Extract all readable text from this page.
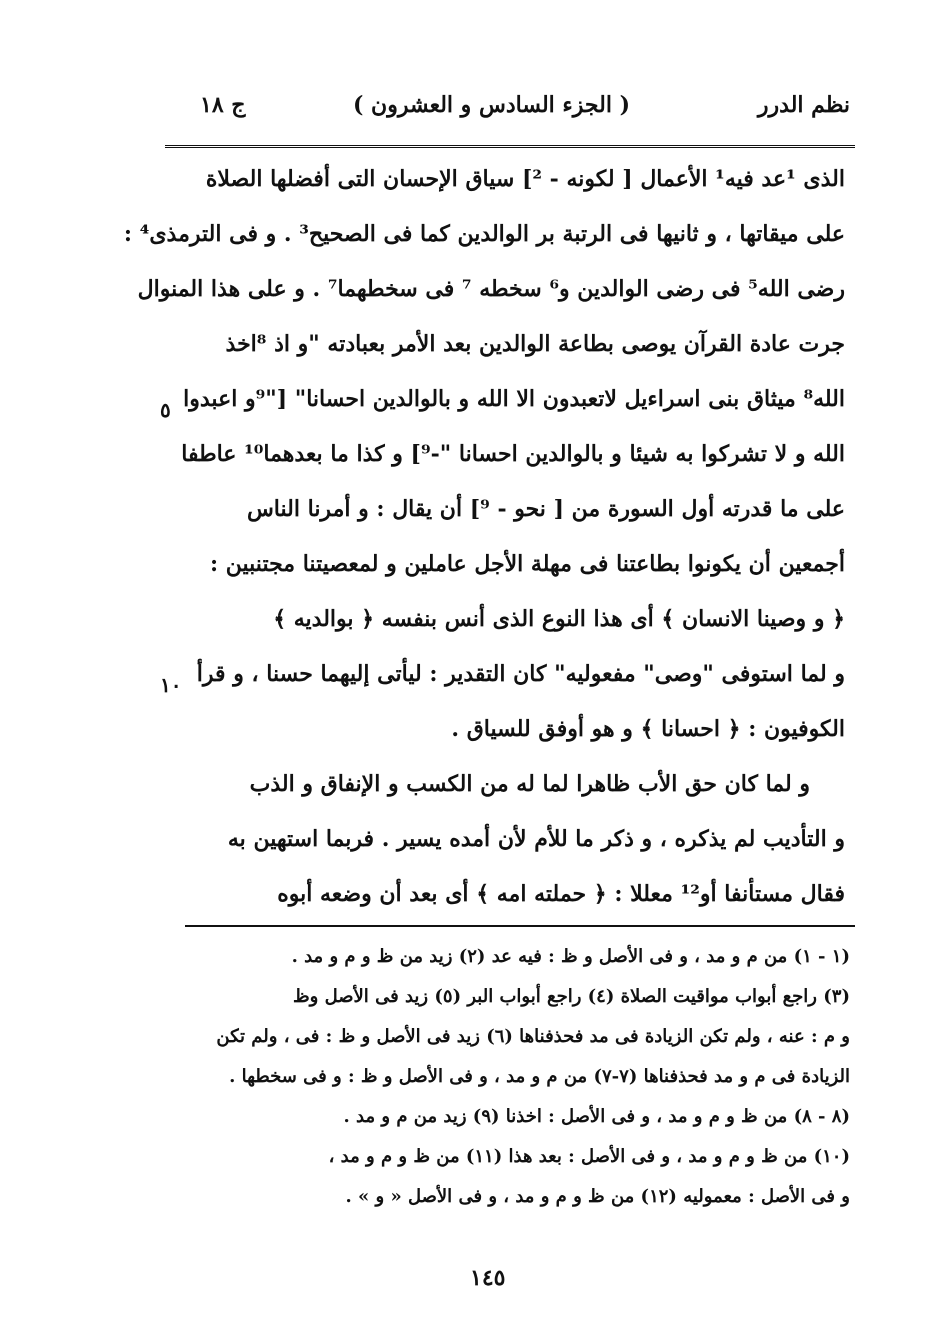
نظم الدرر
( الجزء السادس و العشرون )
ج ١٨
الذى ¹عد فيه¹ الأعمال [ لكونه - ²] سياق الإحسان التى أفضلها الصلاة
على ميقاتها ، و ثانيها فى الرتبة بر الوالدين كما فى الصحيح³ . و فى الترمذى⁴ :
رضى الله⁵ فى رضى الوالدين و⁶ سخطه ⁷ فى سخطهما⁷ . و على هذا المنوال
جرت عادة القرآن يوصى بطاعة الوالدين بعد الأمر بعبادته "و اذ ⁸اخذ
الله⁸ ميثاق بنى اسراءيل لاتعبدون الا الله و بالوالدين احسانا" ["⁹و اعبدوا
الله و لا تشركوا به شيئا و بالوالدين احسانا "-⁹] و كذا ما بعدهما¹⁰ عاطفا
على ما قدرته أول السورة من [ نحو - ⁹] أن يقال : و أمرنا الناس
أجمعين أن يكونوا بطاعتنا فى مهلة الأجل عاملين و لمعصيتنا مجتنبين :
﴿ و وصينا الانسان ﴾ أى هذا النوع الذى أنس بنفسه ﴿ بوالديه ﴾
و لما استوفى "وصى" مفعوليه" كان التقدير : ليأتى إليهما حسنا ، و قرأ
الكوفيون : ﴿ احسانا ﴾ و هو أوفق للسياق .
و لما كان حق الأب ظاهرا لما له من الكسب و الإنفاق و الذب
و التأديب لم يذكره ، و ذكر ما للأم لأن أمده يسير . فربما استهين به
فقال مستأنفا أو¹² معللا : ﴿ حملته امه ﴾ أى بعد أن وضعه أبوه
٥
١٠
(١ - ١) من م و مد ، و فى الأصل و ظ : فيه عد (٢) زيد من ظ و م و مد .
(٣) راجع أبواب مواقيت الصلاة (٤) راجع أبواب البر (٥) زيد فى الأصل وظ
و م : عنه ، ولم تكن الزيادة فى مد فحذفناها (٦) زيد فى الأصل و ظ : فى ، ولم تكن
الزيادة فى م و مد فحذفناها (٧-٧) من م و مد ، و فى الأصل و ظ : و فى سخطها .
(٨ - ٨) من ظ و م و مد ، و فى الأصل : اخذنا (٩) زيد من م و مد .
(١٠) من ظ و م و مد ، و فى الأصل : بعد هذا (١١) من ظ و م و مد ،
و فى الأصل : معموليه (١٢) من ظ و م و مد ، و فى الأصل « و » .
١٤٥
